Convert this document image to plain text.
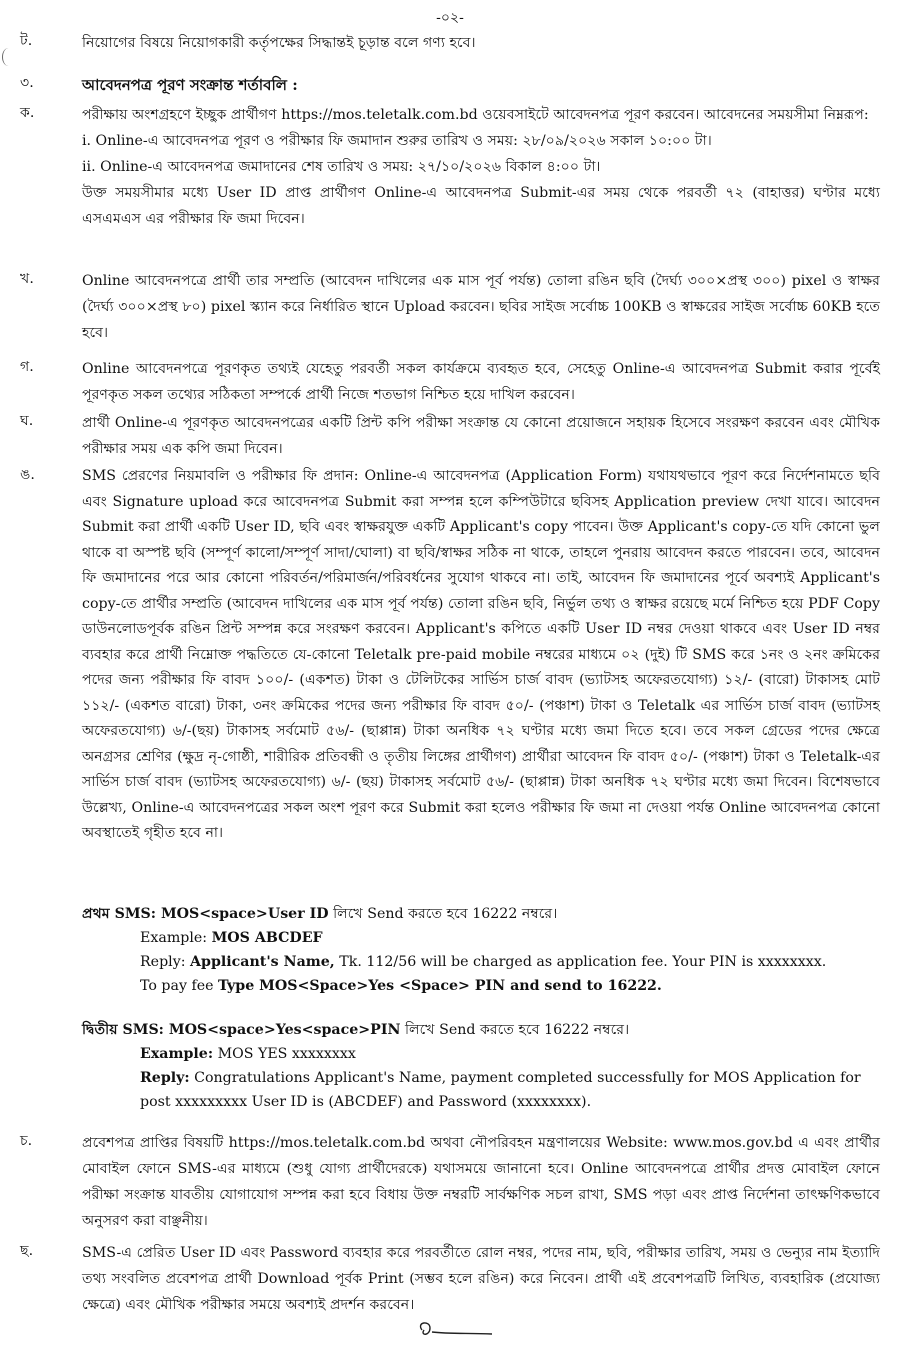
-০২-
ট.	নিয়োগের বিষয়ে নিয়োগকারী কর্তৃপক্ষের সিদ্ধান্তই চূড়ান্ত বলে গণ্য হবে।

৩.	আবেদনপত্র পূরণ সংক্রান্ত শর্তাবলি :

ক.	পরীক্ষায় অংশগ্রহণে ইচ্ছুক প্রার্থীগণ https://mos.teletalk.com.bd ওয়েবসাইটে আবেদনপত্র পূরণ করবেন। আবেদনের সময়সীমা নিম্নরূপ:

i. Online-এ আবেদনপত্র পূরণ ও পরীক্ষার ফি জমাদান শুরুর তারিখ ও সময়: ২৮/০৯/২০২৬ সকাল ১০:০০ টা।

ii. Online-এ আবেদনপত্র জমাদানের শেষ তারিখ ও সময়: ২৭/১০/২০২৬ বিকাল ৪:০০ টা।

উক্ত সময়সীমার মধ্যে User ID প্রাপ্ত প্রার্থীগণ Online-এ আবেদনপত্র Submit-এর সময় থেকে পরবর্তী ৭২ (বাহাত্তর) ঘণ্টার মধ্যে এসএমএস এর পরীক্ষার ফি জমা দিবেন।

খ.	Online আবেদনপত্রে প্রার্থী তার সম্প্রতি (আবেদন দাখিলের এক মাস পূর্ব পর্যন্ত) তোলা রঙিন ছবি (দৈর্ঘ্য ৩০০×প্রস্থ ৩০০) pixel ও স্বাক্ষর (দৈর্ঘ্য ৩০০×প্রস্থ ৮০) pixel স্ক্যান করে নির্ধারিত স্থানে Upload করবেন। ছবির সাইজ সর্বোচ্চ 100KB ও স্বাক্ষরের সাইজ সর্বোচ্চ 60KB হতে হবে।

গ.	Online আবেদনপত্রে পূরণকৃত তথ্যই যেহেতু পরবর্তী সকল কার্যক্রমে ব্যবহৃত হবে, সেহেতু Online-এ আবেদনপত্র Submit করার পূর্বেই পূরণকৃত সকল তথ্যের সঠিকতা সম্পর্কে প্রার্থী নিজে শতভাগ নিশ্চিত হয়ে দাখিল করবেন।

ঘ.	প্রার্থী Online-এ পূরণকৃত আবেদনপত্রের একটি প্রিন্ট কপি পরীক্ষা সংক্রান্ত যে কোনো প্রয়োজনে সহায়ক হিসেবে সংরক্ষণ করবেন এবং মৌখিক পরীক্ষার সময় এক কপি জমা দিবেন।

ঙ.	SMS প্রেরণের নিয়মাবলি ও পরীক্ষার ফি প্রদান: Online-এ আবেদনপত্র (Application Form) যথাযথভাবে পূরণ করে নির্দেশনামতে ছবি এবং Signature upload করে আবেদনপত্র Submit করা সম্পন্ন হলে কম্পিউটারে ছবিসহ Application preview দেখা যাবে। আবেদন Submit করা প্রার্থী একটি User ID, ছবি এবং স্বাক্ষরযুক্ত একটি Applicant's copy পাবেন। উক্ত Applicant's copy-তে যদি কোনো ভুল থাকে বা অস্পষ্ট ছবি (সম্পূর্ণ কালো/সম্পূর্ণ সাদা/ঘোলা) বা ছবি/স্বাক্ষর সঠিক না থাকে, তাহলে পুনরায় আবেদন করতে পারবেন। তবে, আবেদন ফি জমাদানের পরে আর কোনো পরিবর্তন/পরিমার্জন/পরিবর্ধনের সুযোগ থাকবে না। তাই, আবেদন ফি জমাদানের পূর্বে অবশ্যই Applicant's copy-তে প্রার্থীর সম্প্রতি (আবেদন দাখিলের এক মাস পূর্ব পর্যন্ত) তোলা রঙিন ছবি, নির্ভুল তথ্য ও স্বাক্ষর রয়েছে মর্মে নিশ্চিত হয়ে PDF Copy ডাউনলোডপূর্বক রঙিন প্রিন্ট সম্পন্ন করে সংরক্ষণ করবেন। Applicant's কপিতে একটি User ID নম্বর দেওয়া থাকবে এবং User ID নম্বর ব্যবহার করে প্রার্থী নিম্নোক্ত পদ্ধতিতে যে-কোনো Teletalk pre-paid mobile নম্বরের মাধ্যমে ০২ (দুই) টি SMS করে ১নং ও ২নং ক্রমিকের পদের জন্য পরীক্ষার ফি বাবদ ১০০/- (একশত) টাকা ও টেলিটকের সার্ভিস চার্জ বাবদ (ভ্যাটসহ অফেরতযোগ্য) ১২/- (বারো) টাকাসহ মোট ১১২/- (একশত বারো) টাকা, ৩নং ক্রমিকের পদের জন্য পরীক্ষার ফি বাবদ ৫০/- (পঞ্চাশ) টাকা ও Teletalk এর সার্ভিস চার্জ বাবদ (ভ্যাটসহ অফেরতযোগ্য) ৬/-(ছয়) টাকাসহ সর্বমোট ৫৬/- (ছাপ্পান্ন) টাকা অনধিক ৭২ ঘণ্টার মধ্যে জমা দিতে হবে। তবে সকল গ্রেডের পদের ক্ষেত্রে অনগ্রসর শ্রেণির (ক্ষুদ্র নৃ-গোষ্ঠী, শারীরিক প্রতিবন্ধী ও তৃতীয় লিঙ্গের প্রার্থীগণ) প্রার্থীরা আবেদন ফি বাবদ ৫০/- (পঞ্চাশ) টাকা ও Teletalk-এর সার্ভিস চার্জ বাবদ (ভ্যাটসহ অফেরতযোগ্য) ৬/- (ছয়) টাকাসহ সর্বমোট ৫৬/- (ছাপ্পান্ন) টাকা অনধিক ৭২ ঘণ্টার মধ্যে জমা দিবেন। বিশেষভাবে উল্লেখ্য, Online-এ আবেদনপত্রের সকল অংশ পূরণ করে Submit করা হলেও পরীক্ষার ফি জমা না দেওয়া পর্যন্ত Online আবেদনপত্র কোনো অবস্থাতেই গৃহীত হবে না।

প্রথম SMS: MOS<space>User ID লিখে Send করতে হবে 16222 নম্বরে।

Example: MOS ABCDEF

Reply: Applicant's Name, Tk. 112/56 will be charged as application fee. Your PIN is xxxxxxxx.

To pay fee Type MOS<Space>Yes <Space> PIN and send to 16222.

দ্বিতীয় SMS: MOS<space>Yes<space>PIN লিখে Send করতে হবে 16222 নম্বরে।

Example: MOS YES xxxxxxxx

Reply: Congratulations Applicant's Name, payment completed successfully for MOS Application for post xxxxxxxxx User ID is (ABCDEF) and Password (xxxxxxxx).

চ.	প্রবেশপত্র প্রাপ্তির বিষয়টি https://mos.teletalk.com.bd অথবা নৌপরিবহন মন্ত্রণালয়ের Website: www.mos.gov.bd এ এবং প্রার্থীর মোবাইল ফোনে SMS-এর মাধ্যমে (শুধু যোগ্য প্রার্থীদেরকে) যথাসময়ে জানানো হবে। Online আবেদনপত্রে প্রার্থীর প্রদত্ত মোবাইল ফোনে পরীক্ষা সংক্রান্ত যাবতীয় যোগাযোগ সম্পন্ন করা হবে বিধায় উক্ত নম্বরটি সার্বক্ষণিক সচল রাখা, SMS পড়া এবং প্রাপ্ত নির্দেশনা তাৎক্ষণিকভাবে অনুসরণ করা বাঞ্ছনীয়।

ছ.	SMS-এ প্রেরিত User ID এবং Password ব্যবহার করে পরবর্তীতে রোল নম্বর, পদের নাম, ছবি, পরীক্ষার তারিখ, সময় ও ভেন্যুর নাম ইত্যাদি তথ্য সংবলিত প্রবেশপত্র প্রার্থী Download পূর্বক Print (সম্ভব হলে রঙিন) করে নিবেন। প্রার্থী এই প্রবেশপত্রটি লিখিত, ব্যবহারিক (প্রযোজ্য ক্ষেত্রে) এবং মৌখিক পরীক্ষার সময়ে অবশ্যই প্রদর্শন করবেন।
